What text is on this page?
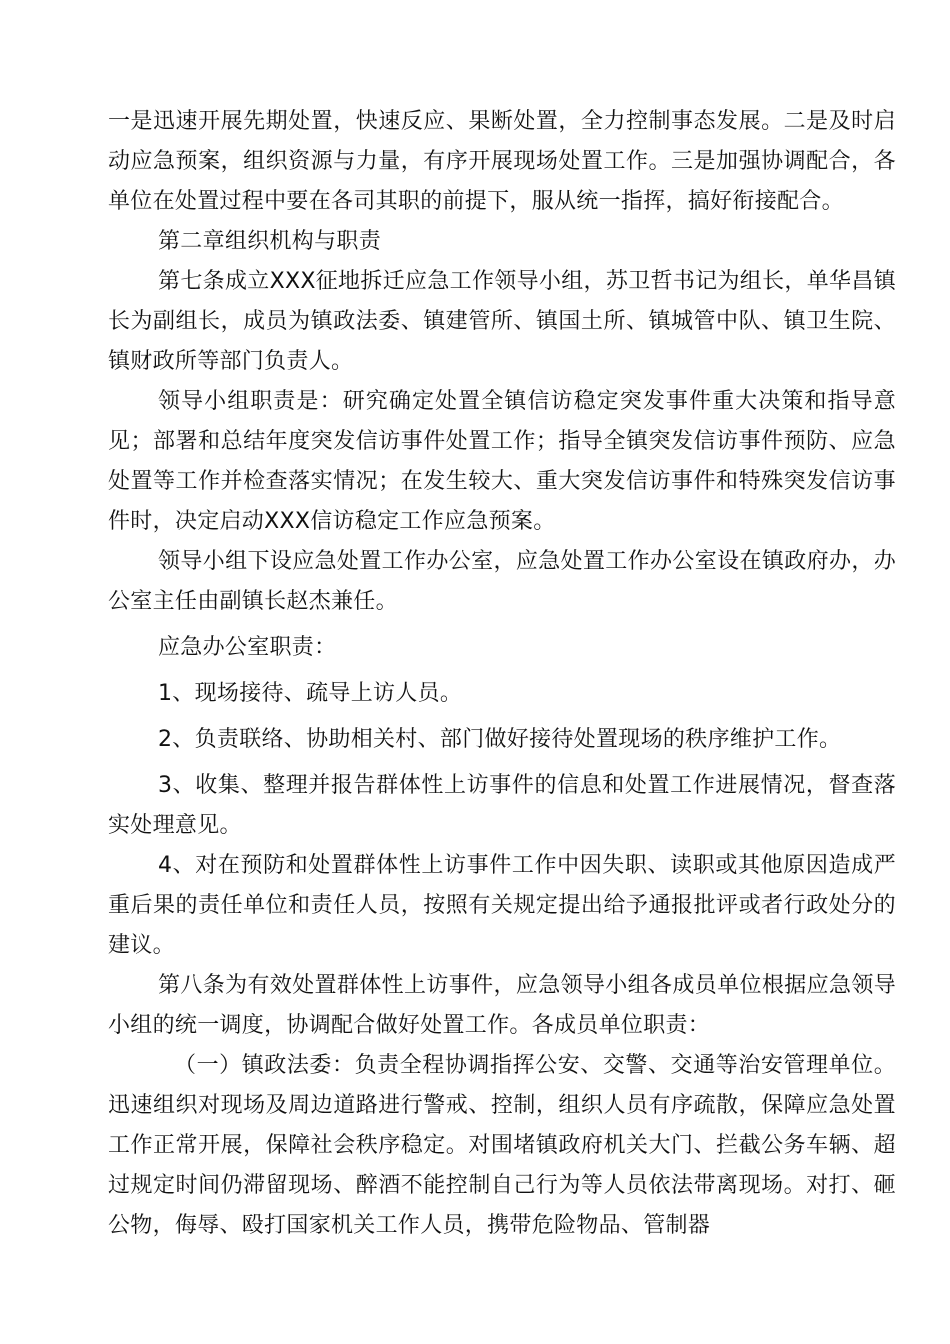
一是迅速开展先期处置，快速反应、果断处置，全力控制事态发展。二是及时启动应急预案，组织资源与力量，有序开展现场处置工作。三是加强协调配合，各单位在处置过程中要在各司其职的前提下，服从统一指挥，搞好衔接配合。

第二章组织机构与职责

第七条成立XXX征地拆迁应急工作领导小组，苏卫哲书记为组长，单华昌镇长为副组长，成员为镇政法委、镇建管所、镇国土所、镇城管中队、镇卫生院、镇财政所等部门负责人。

领导小组职责是：研究确定处置全镇信访稳定突发事件重大决策和指导意见；部署和总结年度突发信访事件处置工作；指导全镇突发信访事件预防、应急处置等工作并检查落实情况；在发生较大、重大突发信访事件和特殊突发信访事件时，决定启动XXX信访稳定工作应急预案。

领导小组下设应急处置工作办公室，应急处置工作办公室设在镇政府办，办公室主任由副镇长赵杰兼任。

应急办公室职责：

1、现场接待、疏导上访人员。

2、负责联络、协助相关村、部门做好接待处置现场的秩序维护工作。

3、收集、整理并报告群体性上访事件的信息和处置工作进展情况，督查落实处理意见。

4、对在预防和处置群体性上访事件工作中因失职、读职或其他原因造成严重后果的责任单位和责任人员，按照有关规定提出给予通报批评或者行政处分的建议。

第八条为有效处置群体性上访事件，应急领导小组各成员单位根据应急领导小组的统一调度，协调配合做好处置工作。各成员单位职责：

（一）镇政法委：负责全程协调指挥公安、交警、交通等治安管理单位。迅速组织对现场及周边道路进行警戒、控制，组织人员有序疏散，保障应急处置工作正常开展，保障社会秩序稳定。对围堵镇政府机关大门、拦截公务车辆、超过规定时间仍滞留现场、醉酒不能控制自己行为等人员依法带离现场。对打、砸公物，侮辱、殴打国家机关工作人员，携带危险物品、管制器
